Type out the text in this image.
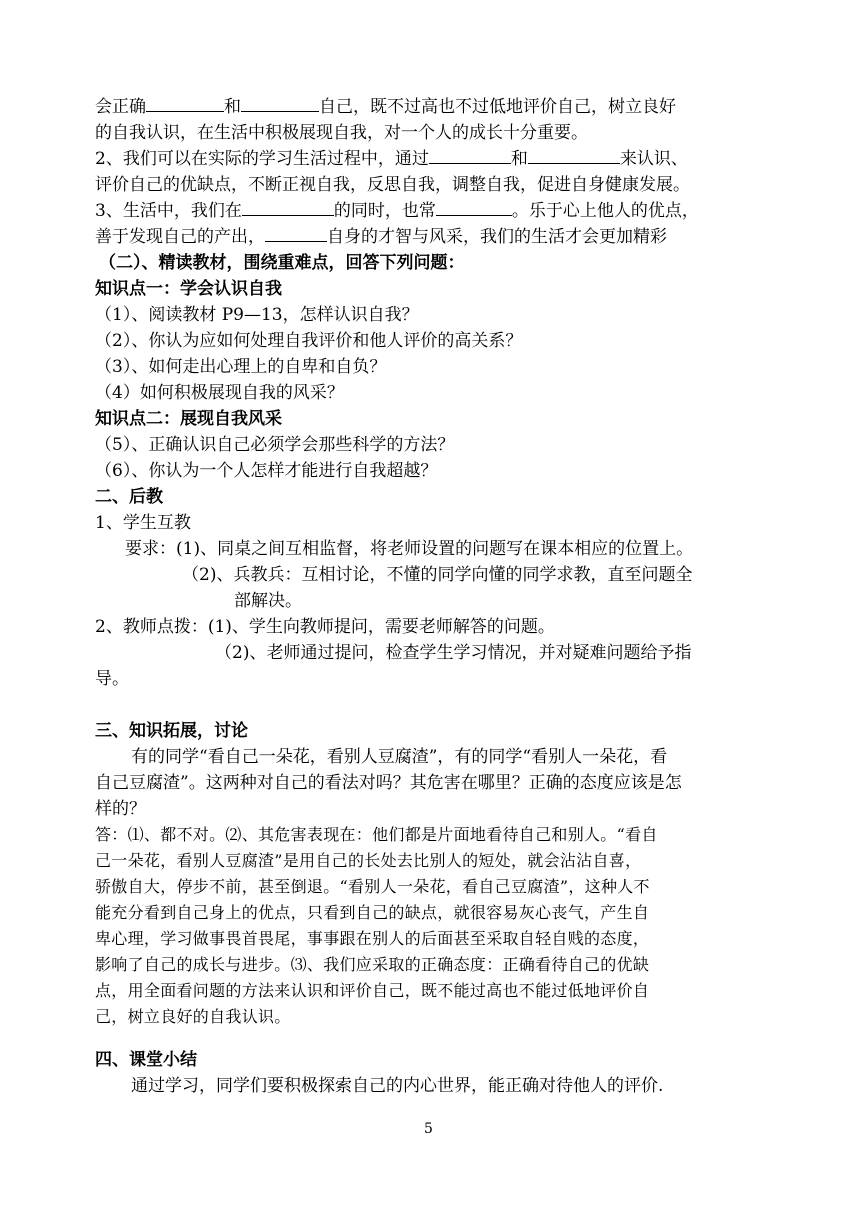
会正确	和	自己，既不过高也不过低地评价自己，树立良好
的自我认识，在生活中积极展现自我，对一个人的成长十分重要。
2、我们可以在实际的学习生活过程中，通过	和	来认识、
评价自己的优缺点，不断正视自我，反思自我，调整自我，促进自身健康发展。
3、生活中，我们在	的同时，也常	。乐于心上他人的优点，
善于发现自己的产出，	自身的才智与风采，我们的生活才会更加精彩
（二）、精读教材，围绕重难点，回答下列问题：
知识点一：学会认识自我
（1）、阅读教材 P9—13，怎样认识自我？
（2）、你认为应如何处理自我评价和他人评价的高关系？
（3）、如何走出心理上的自卑和自负？
（4）如何积极展现自我的风采？
知识点二：展现自我风采
（5）、正确认识自己必须学会那些科学的方法？
（6）、你认为一个人怎样才能进行自我超越？
二、后教
1、学生互教
要求：(1)、同桌之间互相监督，将老师设置的问题写在课本相应的位置上。
（2)、兵教兵：互相讨论，不懂的同学向懂的同学求教，直至问题全
部解决。
2、教师点拨：(1)、学生向教师提问，需要老师解答的问题。
（2)、老师通过提问，检查学生学习情况，并对疑难问题给予指
导。
三、知识拓展，讨论
有的同学“看自己一朵花，看别人豆腐渣”，有的同学“看别人一朵花，看
自己豆腐渣”。这两种对自己的看法对吗？其危害在哪里？正确的态度应该是怎
样的？
答：⑴、都不对。⑵、其危害表现在：他们都是片面地看待自己和别人。“看自
己一朵花，看别人豆腐渣”是用自己的长处去比别人的短处，就会沾沾自喜，
骄傲自大，停步不前，甚至倒退。“看别人一朵花，看自己豆腐渣”，这种人不
能充分看到自己身上的优点，只看到自己的缺点，就很容易灰心丧气，产生自
卑心理，学习做事畏首畏尾，事事跟在别人的后面甚至采取自轻自贱的态度，
影响了自己的成长与进步。⑶、我们应采取的正确态度：正确看待自己的优缺
点，用全面看问题的方法来认识和评价自己，既不能过高也不能过低地评价自
己，树立良好的自我认识。
四、课堂小结
通过学习，同学们要积极探索自己的内心世界，能正确对待他人的评价.
5
